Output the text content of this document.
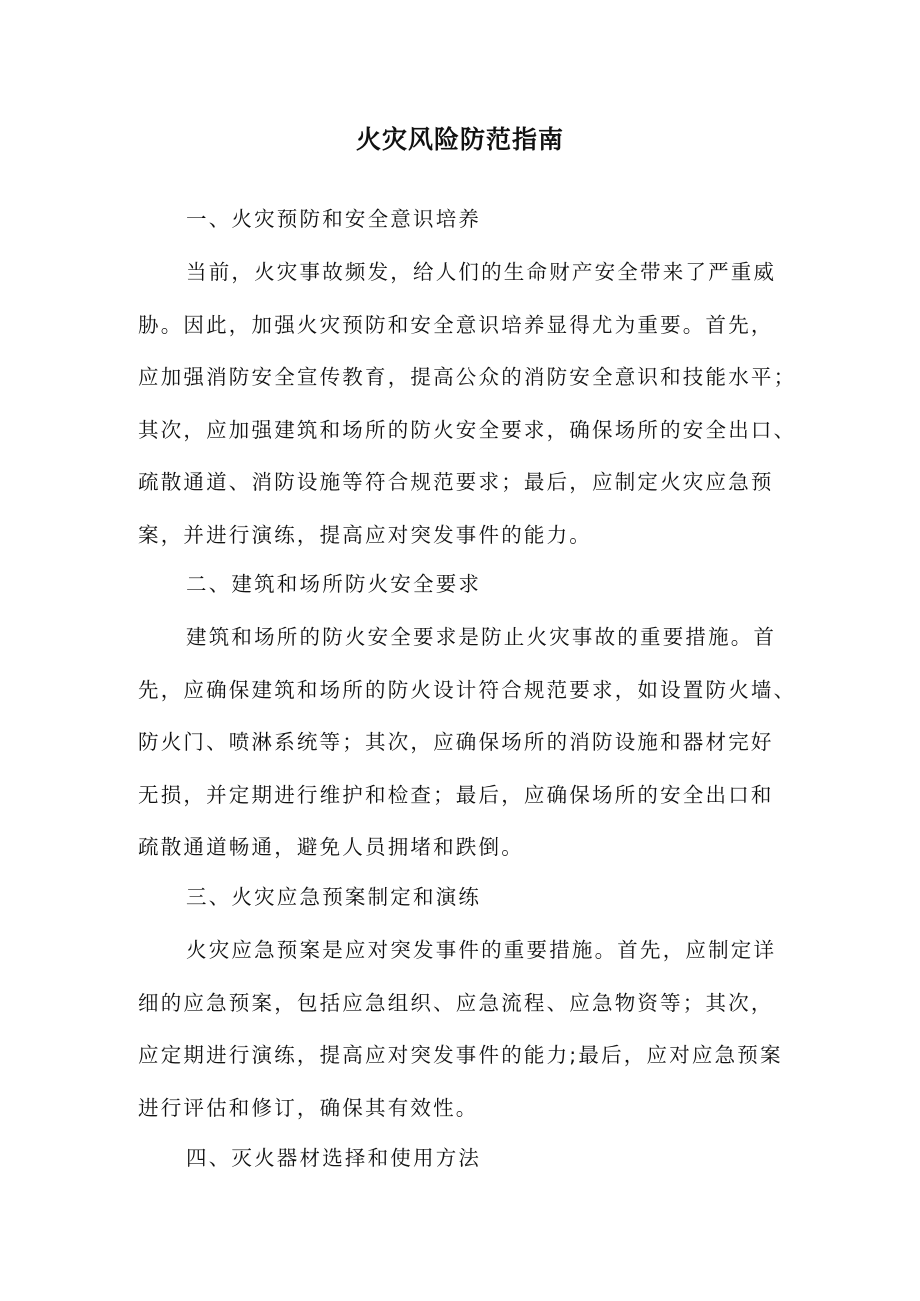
火灾风险防范指南
一、火灾预防和安全意识培养
当前，火灾事故频发，给人们的生命财产安全带来了严重威
胁。因此，加强火灾预防和安全意识培养显得尤为重要。首先，
应加强消防安全宣传教育，提高公众的消防安全意识和技能水平；
其次，应加强建筑和场所的防火安全要求，确保场所的安全出口、
疏散通道、消防设施等符合规范要求；最后，应制定火灾应急预
案，并进行演练，提高应对突发事件的能力。
二、建筑和场所防火安全要求
建筑和场所的防火安全要求是防止火灾事故的重要措施。首
先，应确保建筑和场所的防火设计符合规范要求，如设置防火墙、
防火门、喷淋系统等；其次，应确保场所的消防设施和器材完好
无损，并定期进行维护和检查；最后，应确保场所的安全出口和
疏散通道畅通，避免人员拥堵和跌倒。
三、火灾应急预案制定和演练
火灾应急预案是应对突发事件的重要措施。首先，应制定详
细的应急预案，包括应急组织、应急流程、应急物资等；其次，
应定期进行演练，提高应对突发事件的能力;最后，应对应急预案
进行评估和修订，确保其有效性。
四、灭火器材选择和使用方法
